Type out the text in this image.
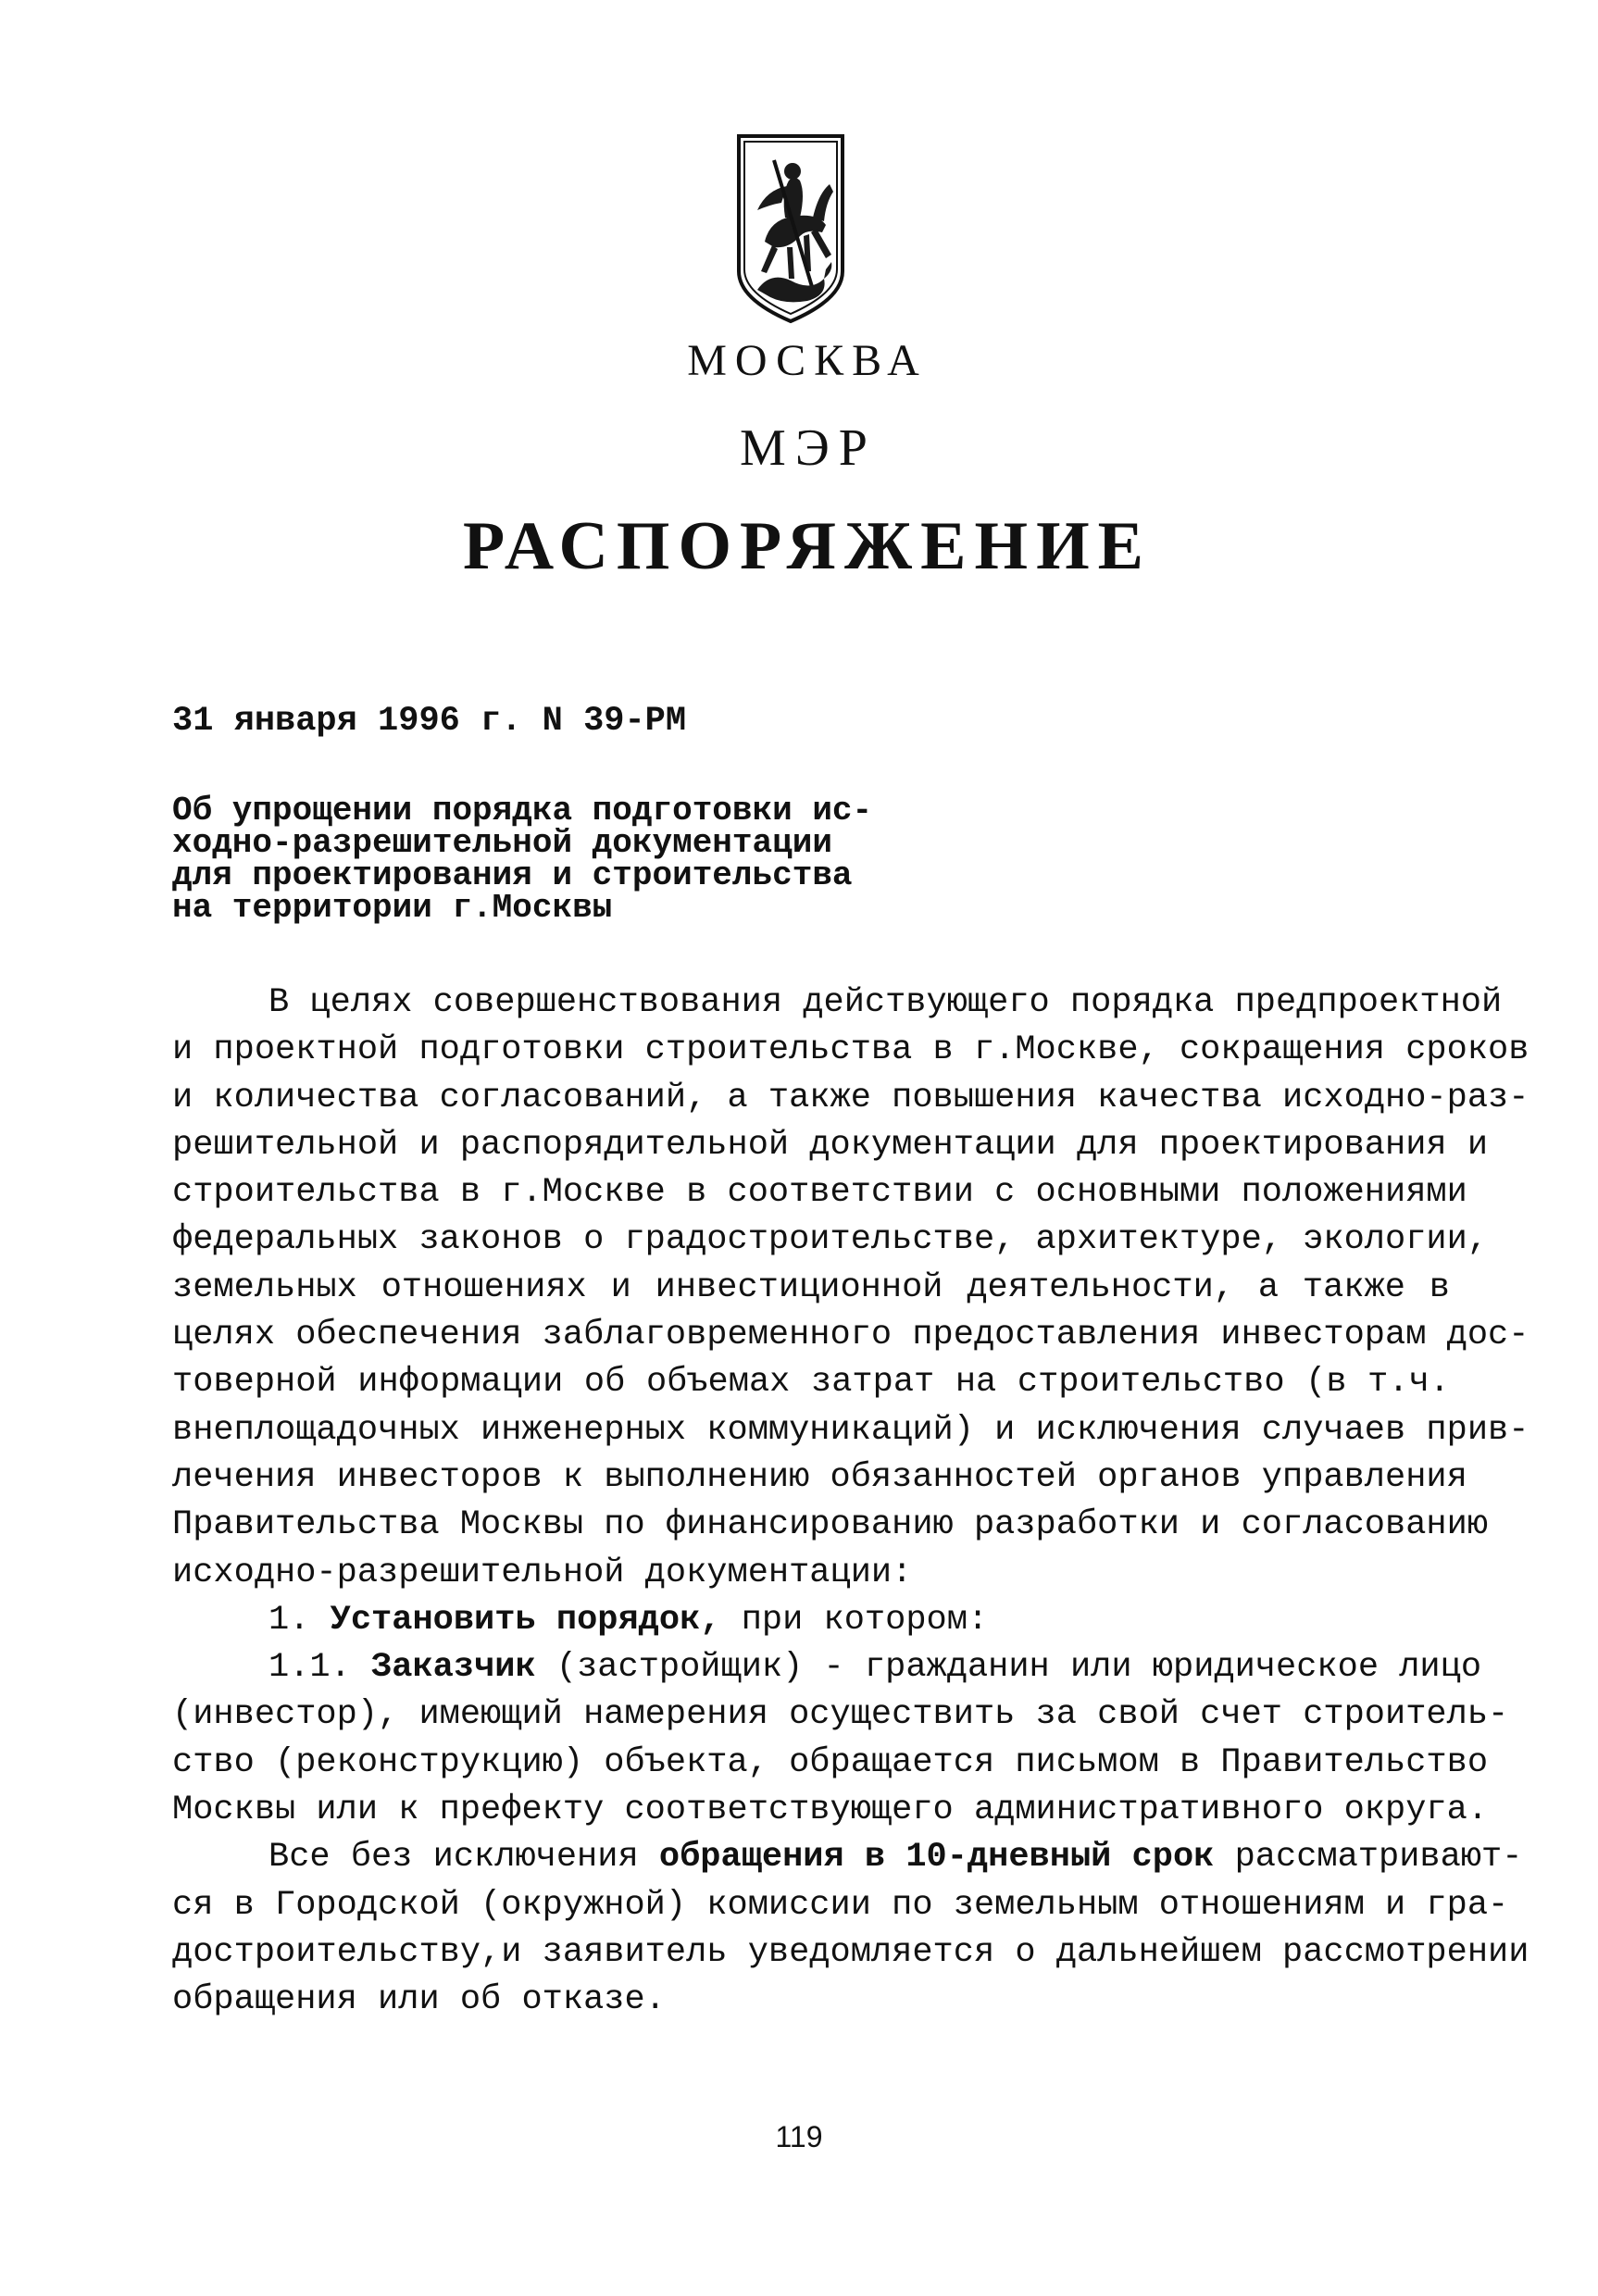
МОСКВА
МЭР
РАСПОРЯЖЕНИЕ
31 января 1996 г. N 39-РМ
Об упрощении порядка подготовки ис-
ходно-разрешительной документации
для проектирования и строительства
на территории г.Москвы
В целях совершенствования действующего порядка предпроектной
и проектной подготовки строительства в г.Москве, сокращения сроков
и количества согласований, а также повышения качества исходно-раз-
решительной и распорядительной документации для проектирования и
строительства в г.Москве в соответствии с основными положениями
федеральных законов о градостроительстве, архитектуре, экологии,
земельных отношениях и инвестиционной деятельности, а также в
целях обеспечения заблаговременного предоставления инвесторам дос-
товерной информации об объемах затрат на строительство (в т.ч.
внеплощадочных инженерных коммуникаций) и исключения случаев прив-
лечения инвесторов к выполнению обязанностей органов управления
Правительства Москвы по финансированию разработки и согласованию
исходно-разрешительной документации:
1. Установить порядок, при котором:
1.1. Заказчик (застройщик) - гражданин или юридическое лицо
(инвестор), имеющий намерения осуществить за свой счет строитель-
ство (реконструкцию) объекта, обращается письмом в Правительство
Москвы или к префекту соответствующего административного округа.
Все без исключения обращения в 10-дневный срок рассматривают-
ся в Городской (окружной) комиссии по земельным отношениям и гра-
достроительству,и заявитель уведомляется о дальнейшем рассмотрении
обращения или об отказе.
119
